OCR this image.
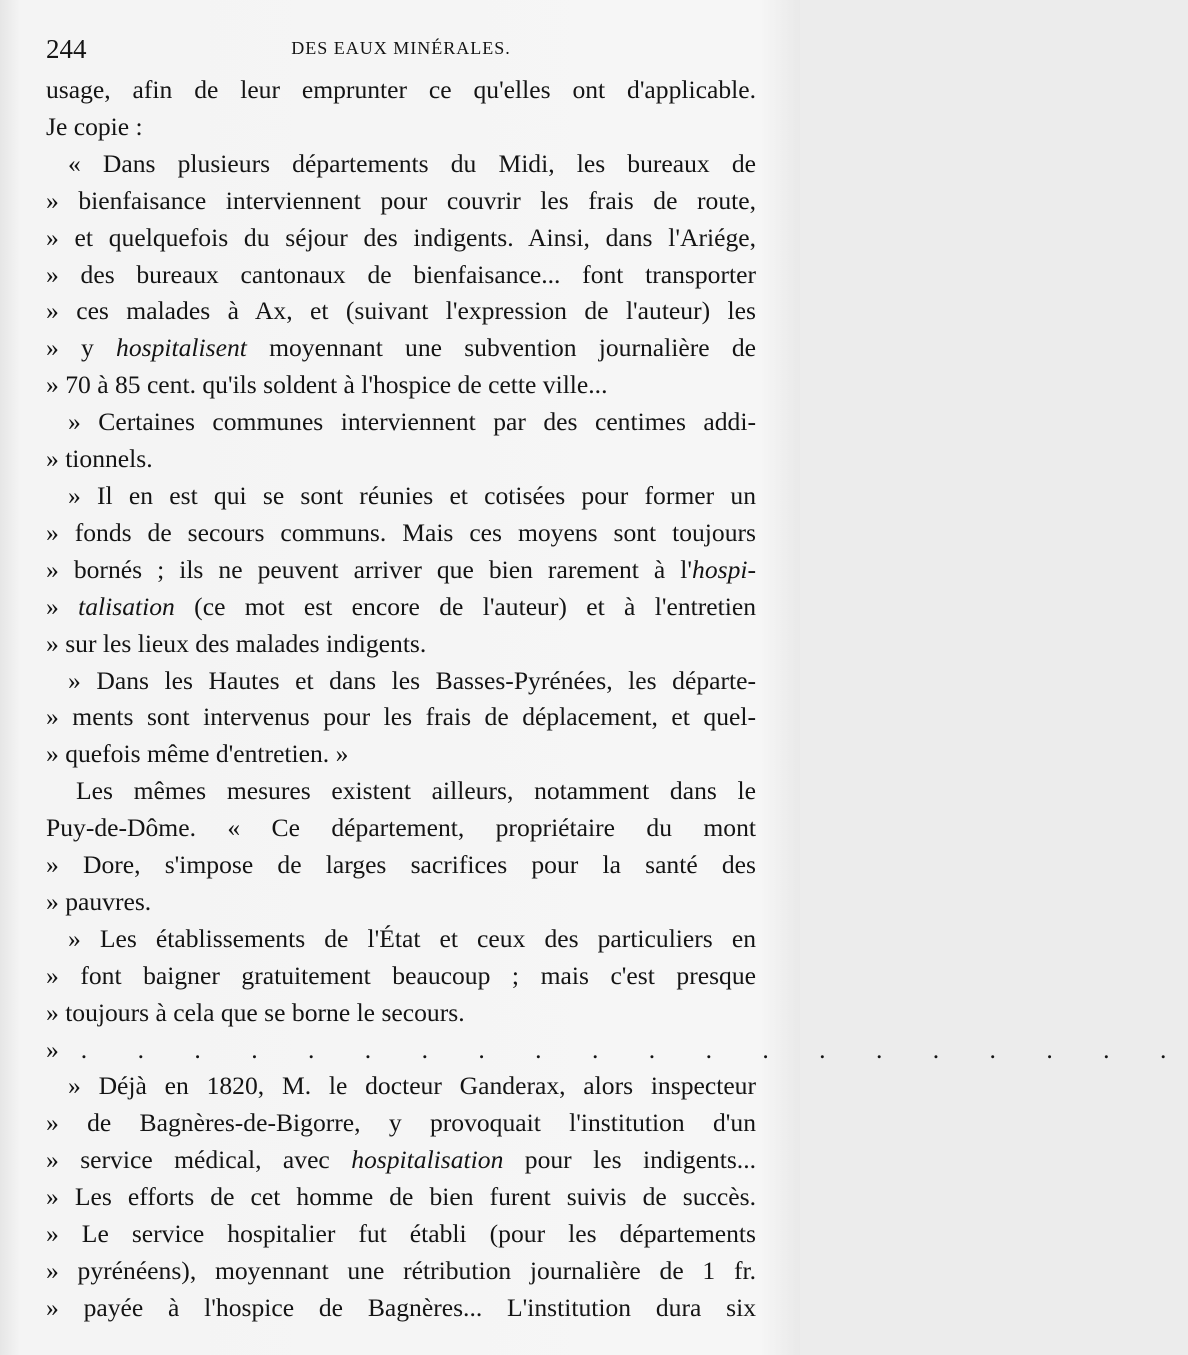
244	DES EAUX MINÉRALES.
usage, afin de leur emprunter ce qu'elles ont d'applicable.
Je copie :
« Dans plusieurs départements du Midi, les bureaux de
» bienfaisance interviennent pour couvrir les frais de route,
» et quelquefois du séjour des indigents. Ainsi, dans l'Ariége,
» des bureaux cantonaux de bienfaisance... font transporter
» ces malades à Ax, et (suivant l'expression de l'auteur) les
» y hospitalisent moyennant une subvention journalière de
» 70 à 85 cent. qu'ils soldent à l'hospice de cette ville...
» Certaines communes interviennent par des centimes addi-
» tionnels.
» Il en est qui se sont réunies et cotisées pour former un
» fonds de secours communs. Mais ces moyens sont toujours
» bornés ; ils ne peuvent arriver que bien rarement à l'hospi-
» talisation (ce mot est encore de l'auteur) et à l'entretien
» sur les lieux des malades indigents.
» Dans les Hautes et dans les Basses-Pyrénées, les départe-
» ments sont intervenus pour les frais de déplacement, et quel-
» quefois même d'entretien. »
Les mêmes mesures existent ailleurs, notamment dans le
Puy-de-Dôme. « Ce département, propriétaire du mont
» Dore, s'impose de larges sacrifices pour la santé des
» pauvres.
» Les établissements de l'État et ceux des particuliers en
» font baigner gratuitement beaucoup ; mais c'est presque
» toujours à cela que se borne le secours.
». . . . . . . . . . . . . . . . . . . .
» Déjà en 1820, M. le docteur Ganderax, alors inspecteur
» de Bagnères-de-Bigorre, y provoquait l'institution d'un
» service médical, avec hospitalisation pour les indigents...
» Les efforts de cet homme de bien furent suivis de succès.
» Le service hospitalier fut établi (pour les départements
» pyrénéens), moyennant une rétribution journalière de 1 fr.
» payée à l'hospice de Bagnères... L'institution dura six
